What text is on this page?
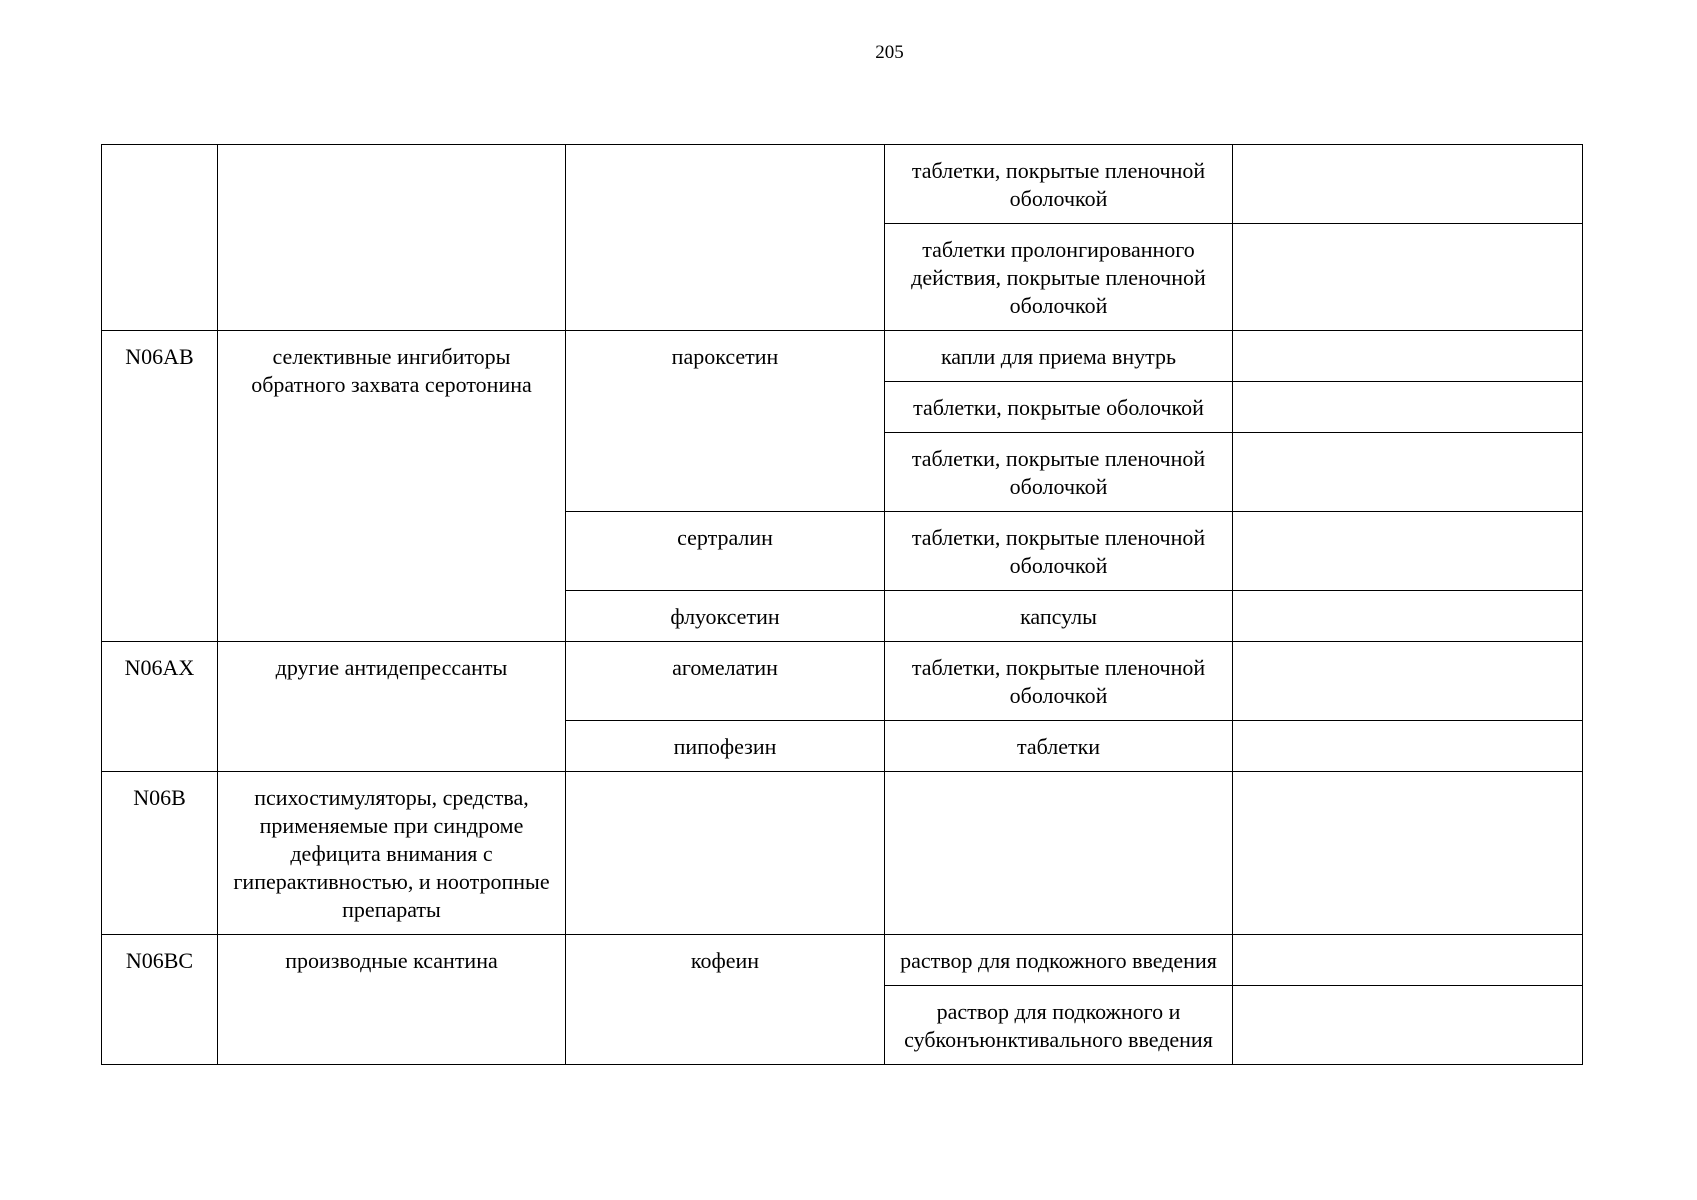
205
			таблетки, покрытые пленочной оболочкой	
			таблетки пролонгированного действия, покрытые пленочной оболочкой	
N06AB	селективные ингибиторы обратного захвата серотонина	пароксетин	капли для приема внутрь	
			таблетки, покрытые оболочкой	
			таблетки, покрытые пленочной оболочкой	
		сертралин	таблетки, покрытые пленочной оболочкой	
		флуоксетин	капсулы	
N06AX	другие антидепрессанты	агомелатин	таблетки, покрытые пленочной оболочкой	
		пипофезин	таблетки	
N06B	психостимуляторы, средства, применяемые при синдроме дефицита внимания с гиперактивностью, и ноотропные препараты			
N06BC	производные ксантина	кофеин	раствор для подкожного введения	
			раствор для подкожного и субконъюнктивального введения	
